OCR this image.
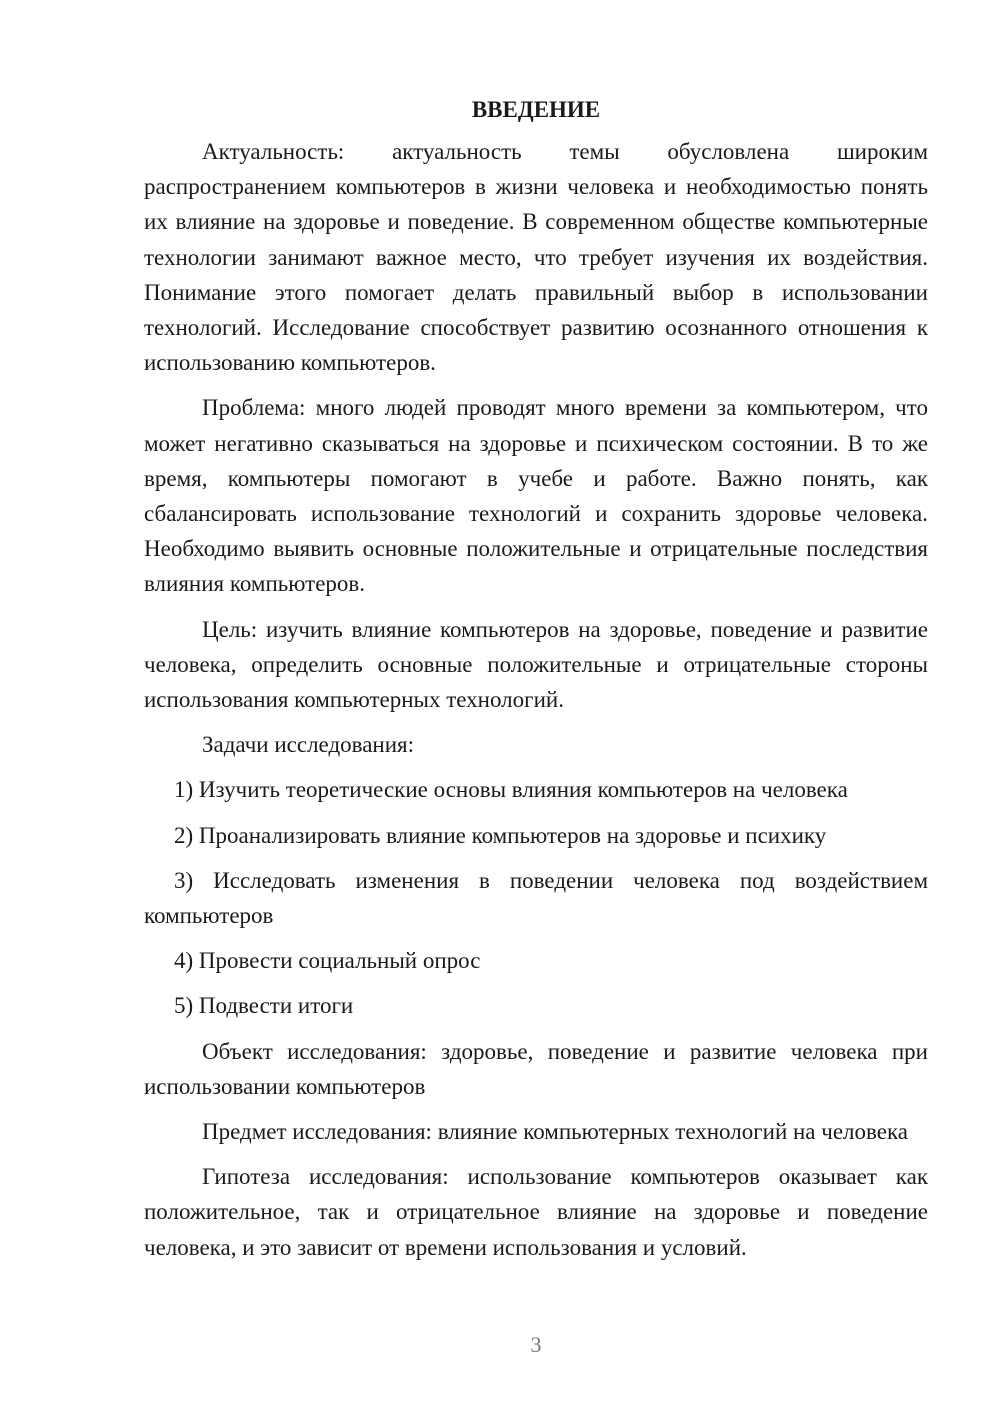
ВВЕДЕНИЕ

Актуальность: актуальность темы обусловлена широким распространением компьютеров в жизни человека и необходимостью понять их влияние на здоровье и поведение. В современном обществе компьютерные технологии занимают важное место, что требует изучения их воздействия. Понимание этого помогает делать правильный выбор в использовании технологий. Исследование способствует развитию осознанного отношения к использованию компьютеров.

Проблема: много людей проводят много времени за компьютером, что может негативно сказываться на здоровье и психическом состоянии. В то же время, компьютеры помогают в учебе и работе. Важно понять, как сбалансировать использование технологий и сохранить здоровье человека. Необходимо выявить основные положительные и отрицательные последствия влияния компьютеров.

Цель: изучить влияние компьютеров на здоровье, поведение и развитие человека, определить основные положительные и отрицательные стороны использования компьютерных технологий.

Задачи исследования:

1) Изучить теоретические основы влияния компьютеров на человека

2) Проанализировать влияние компьютеров на здоровье и психику

3) Исследовать изменения в поведении человека под воздействием компьютеров

4) Провести социальный опрос

5) Подвести итоги

Объект исследования: здоровье, поведение и развитие человека при использовании компьютеров

Предмет исследования: влияние компьютерных технологий на человека

Гипотеза исследования: использование компьютеров оказывает как положительное, так и отрицательное влияние на здоровье и поведение человека, и это зависит от времени использования и условий.

3
